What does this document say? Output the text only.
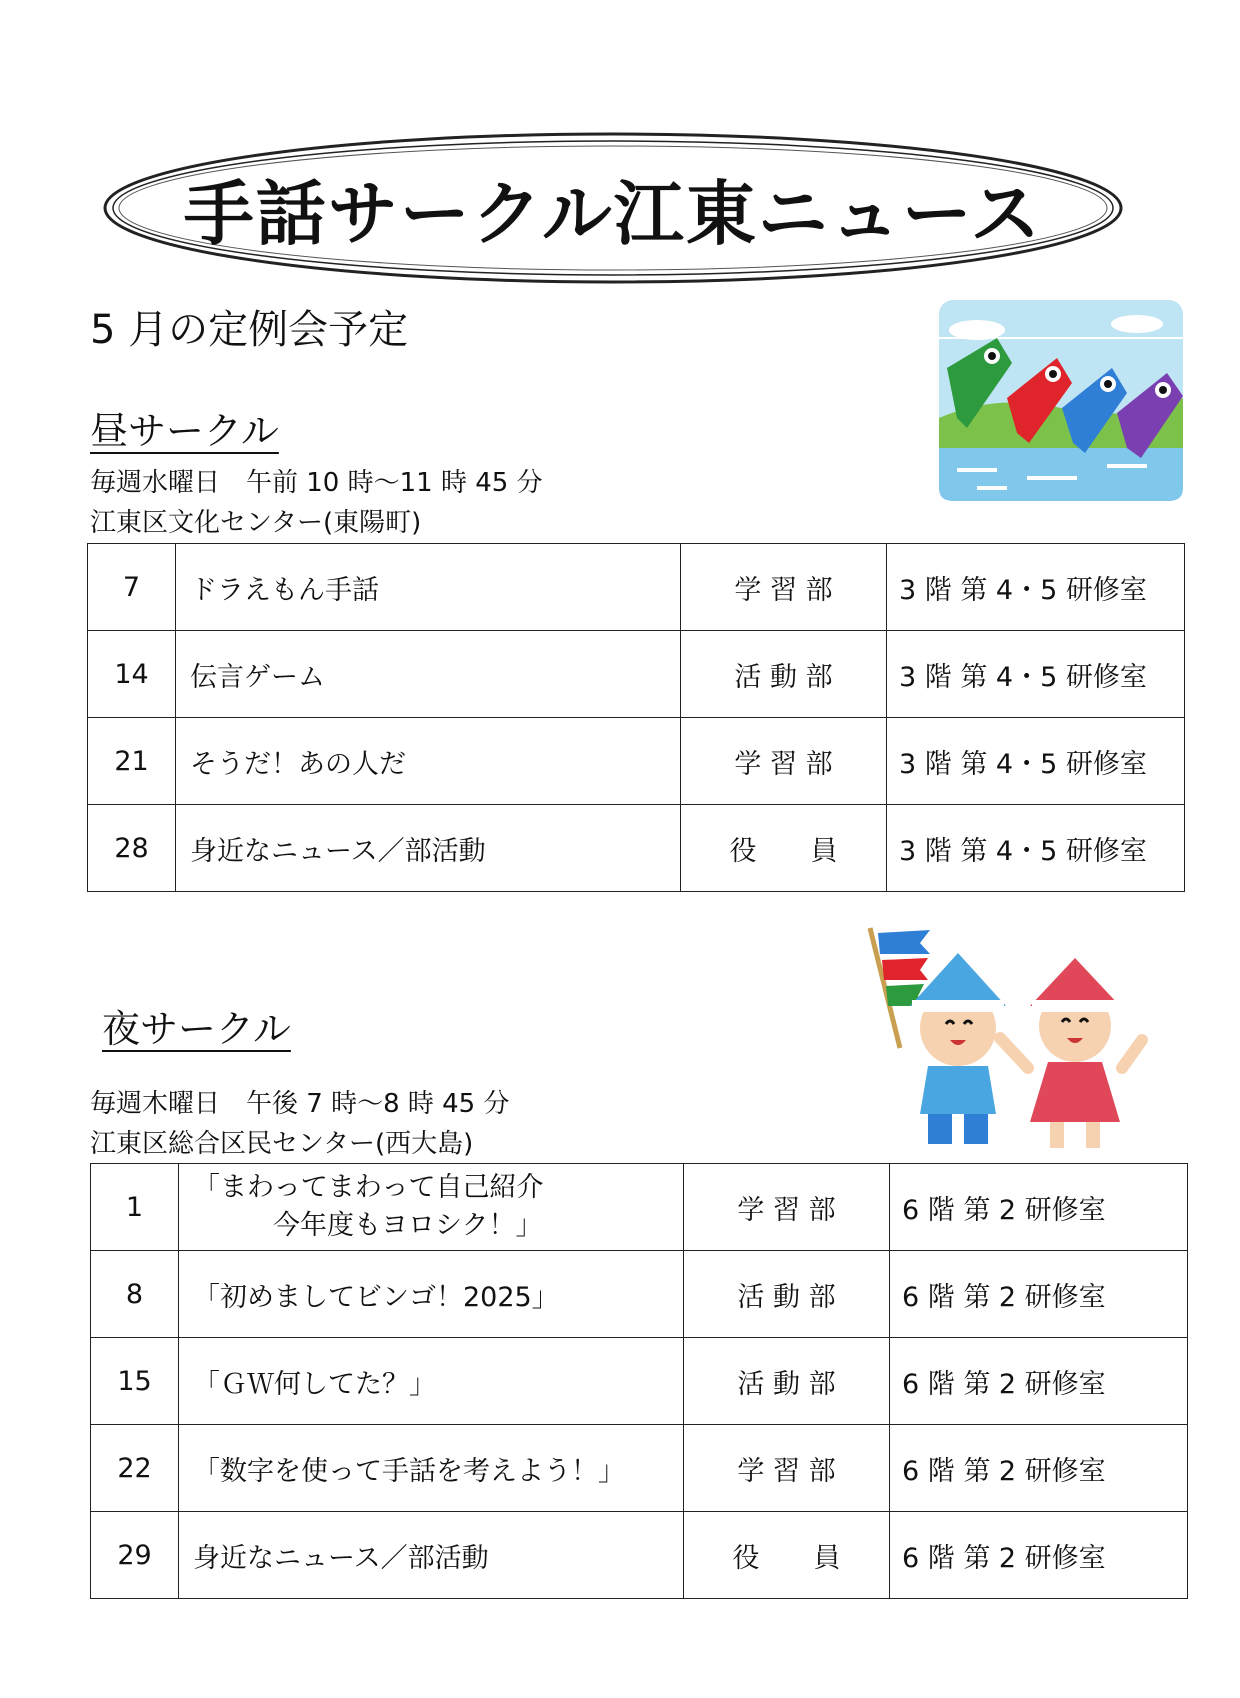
手話サークル江東ニュース
5 月の定例会予定
昼サークル
毎週水曜日　午前 10 時～11 時 45 分
江東区文化センター(東陽町)
7	ドラえもん手話	学 習 部	3 階 第 4・5 研修室
14	伝言ゲーム	活 動 部	3 階 第 4・5 研修室
21	そうだ！あの人だ	学 習 部	3 階 第 4・5 研修室
28	身近なニュース／部活動	役　　員	3 階 第 4・5 研修室
夜サークル
毎週木曜日　午後 7 時～8 時 45 分
江東区総合区民センター(西大島)
1	「まわってまわって自己紹介
今年度もヨロシク！」	学 習 部	6 階 第 2 研修室
8	「初めましてビンゴ！2025」	活 動 部	6 階 第 2 研修室
15	「ＧＷ何してた？」	活 動 部	6 階 第 2 研修室
22	「数字を使って手話を考えよう！」	学 習 部	6 階 第 2 研修室
29	身近なニュース／部活動	役　　員	6 階 第 2 研修室
